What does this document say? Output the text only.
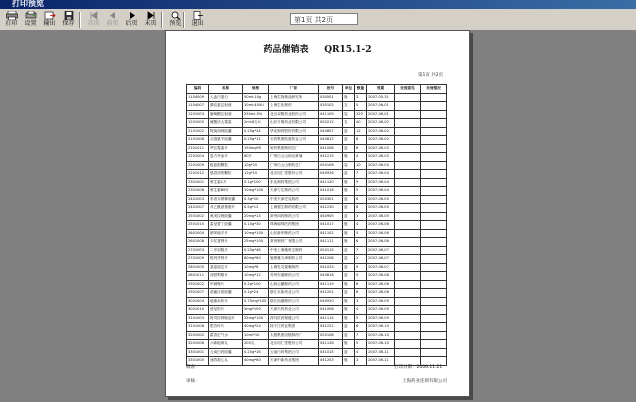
打印预览
打印	设置	输出	保存	首页	前页	后页	末页	预览	退出	第1页 共2页
药品催销表 QR15.1-2
第1页 共2页
编码	名称	规格	厂家	批号	单位	数量	效期	处理意见	处理情况
1104009	人血白蛋白	50ml:10g	上海生物制品研究所	030501	瓶	3	2007-05-31		
1104007	胰岛素注射液	10ml:400U	上海生化制药	030102	支	5	2007-06-01		
1201003	葡萄糖注射液	250ml:5%	北京双鹤药业股份公司	041109	袋	120	2007-06-01		
1201005	硫酸庆大霉素	2ml:8万U	山东方明药业有限公司	050212	支	40	2007-06-02		
2101002	阿莫西林胶囊	0.25g*24	华北制药股份有限公司	040607	盒	12	2007-06-02		
2101008	头孢氨苄胶囊	0.25g*12	石药集团欧意药业公司	040812	盒	8	2007-06-02		
2101011	罗红霉素片	150mg*6	哈药集团制药总厂	041008	盒	6	2007-06-03		
2201004	复方丹参片	60片	广州白云山和记黄埔	041215	瓶	4	2007-06-03		
2201009	板蓝根颗粒	10g*20	广州白云山制药总厂	050106	袋	10	2007-06-03		
2201012	感冒清热颗粒	12g*10	北京同仁堂股份公司	040926	盒	7	2007-06-04		
2301001	维生素C片	0.1g*100	东北制药集团公司	041120	瓶	9	2007-06-04		
2301006	维生素B6片	10mg*100	天津力生制药公司	041018	瓶	5	2007-06-04		
2401003	布洛芬缓释胶囊	0.3g*20	中美天津史克制药	050301	盒	6	2007-06-05		
2401007	对乙酰氨基酚片	0.5g*12	上海强生制药有限公司	041230	盒	8	2007-06-05		
2501002	奥美拉唑胶囊	20mg*14	常州四药制药公司	040905	盒	3	2007-06-05		
2501010	雷尼替丁胶囊	0.15g*30	珠海丽珠医药集团	041017	瓶	4	2007-06-06		
2601004	硝苯地平片	10mg*100	山东新华制药公司	041102	瓶	5	2007-06-06		
2601008	卡托普利片	25mg*100	常州制药厂有限公司	041111	瓶	6	2007-06-06		
2701003	二甲双胍片	0.25g*48	中美上海施贵宝制药	050115	盒	7	2007-06-07		
2701009	格列齐特片	80mg*60	施维雅天津制药公司	041208	盒	2	2007-06-07		
2801005	氯雷他定片	10mg*6	上海先灵葆雅制药	041025	盒	9	2007-06-07		
2801011	西替利嗪片	10mg*12	苏州东瑞制药公司	040816	盒	5	2007-06-08		
2901002	甲硝唑片	0.2g*100	山西云鹏制药公司	041119	瓶	6	2007-06-08		
2901007	诺氟沙星胶囊	0.1g*24	浙江京新药业公司	041201	盒	8	2007-06-08		
3001004	地塞米松片	0.75mg*100	浙江仙琚制药公司	040920	瓶	3	2007-06-09		
3001010	泼尼松片	5mg*100	天津天药药业公司	041006	瓶	4	2007-06-09		
3101003	阿司匹林肠溶片	25mg*100	拜耳医药保健公司	041114	瓶	5	2007-06-09		
3101008	银杏叶片	40mg*24	扬子江药业集团	041222	盒	6	2007-06-10		
3201002	藿香正气水	10ml*10	太极集团涪陵制药厂	050108	盒	7	2007-06-10		
3201006	六味地黄丸	200丸	北京同仁堂股份公司	041128	瓶	5	2007-06-10		
3301001	云南白药胶囊	0.25g*16	云南白药集团公司	041015	盒	4	2007-06-11		
3301005	速效救心丸	40mg*60	天津中新药业集团	041203	瓶	3	2007-06-11		
制表：	打印日期：2006.11.21
审核：	上海药业连锁有限公司
